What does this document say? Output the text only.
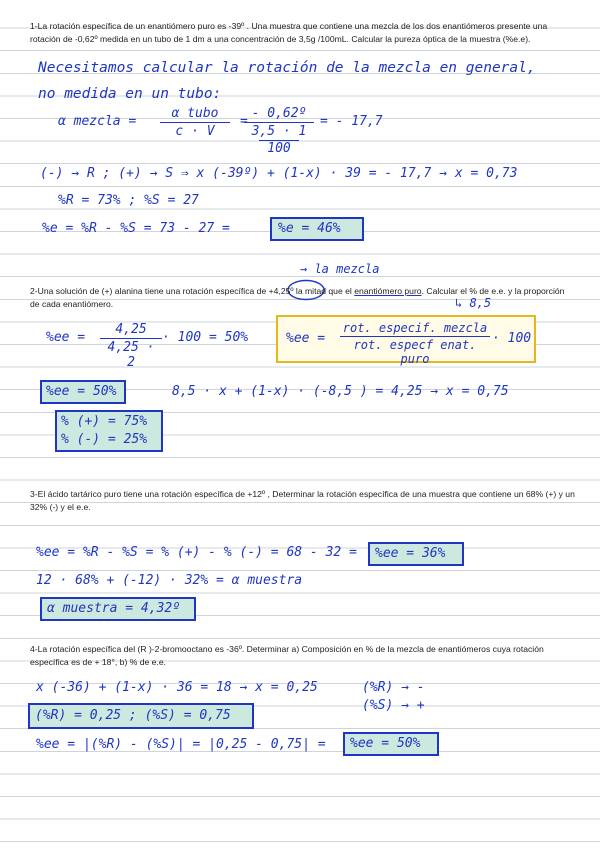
1-La rotación específica de un enantiómero puro es -39º . Una muestra que contiene una mezcla de los dos enantiómeros presente una rotación de -0,62º medida en un tubo de 1 dm a una concentración de 3,5g /100mL. Calcular la pureza óptica de la muestra (%e.e).
Necesitamos calcular la rotación de la mezcla en general,
no medida en un tubo:
α mezcla =
α tubo
c · V
=
- 0,62º
3,5 · 1
100
= - 17,7
(-) → R ; (+) → S ⇒ x (-39º) + (1-x) · 39 = - 17,7 → x = 0,73
%R = 73% ; %S = 27
%e = %R - %S = 73 - 27 =	%e = 46%
→ la mezcla
2-Una solución de (+) alanina tiene una rotación específica de +4,25º la mitad que el enantiómero puro. Calcular el % de e.e. y la proporción de cada enantiómero.	↳ 8,5
%ee =
4,25
4,25 · 2
· 100 = 50%	%ee =
rot. especif. mezcla
rot. especf enat. puro
· 100
%ee = 50%	8,5 · x + (1-x) · (-8,5 ) = 4,25 → x = 0,75
% (+) = 75%
% (-) = 25%
3-El ácido tartárico puro tiene una rotación específica de +12º , Determinar la rotación específica de una muestra que contiene un 68% (+) y un 32% (-) y el e.e.
%ee = %R - %S = % (+) - % (-) = 68 - 32 = %ee = 36%
12 · 68% + (-12) · 32% = α muestra
α muestra = 4,32º
4-La rotación específica del (R )-2-bromooctano es -36º. Determinar a) Composición en % de la mezcla de enantiómeros cuya rotación específica es de + 18°, b) % de e.e.
x (-36) + (1-x) · 36 = 18 → x = 0,25	(%R) → -
(%S) → +
(%R) = 0,25 ; (%S) = 0,75
%ee = |(%R) - (%S)| = |0,25 - 0,75| = %ee = 50%
